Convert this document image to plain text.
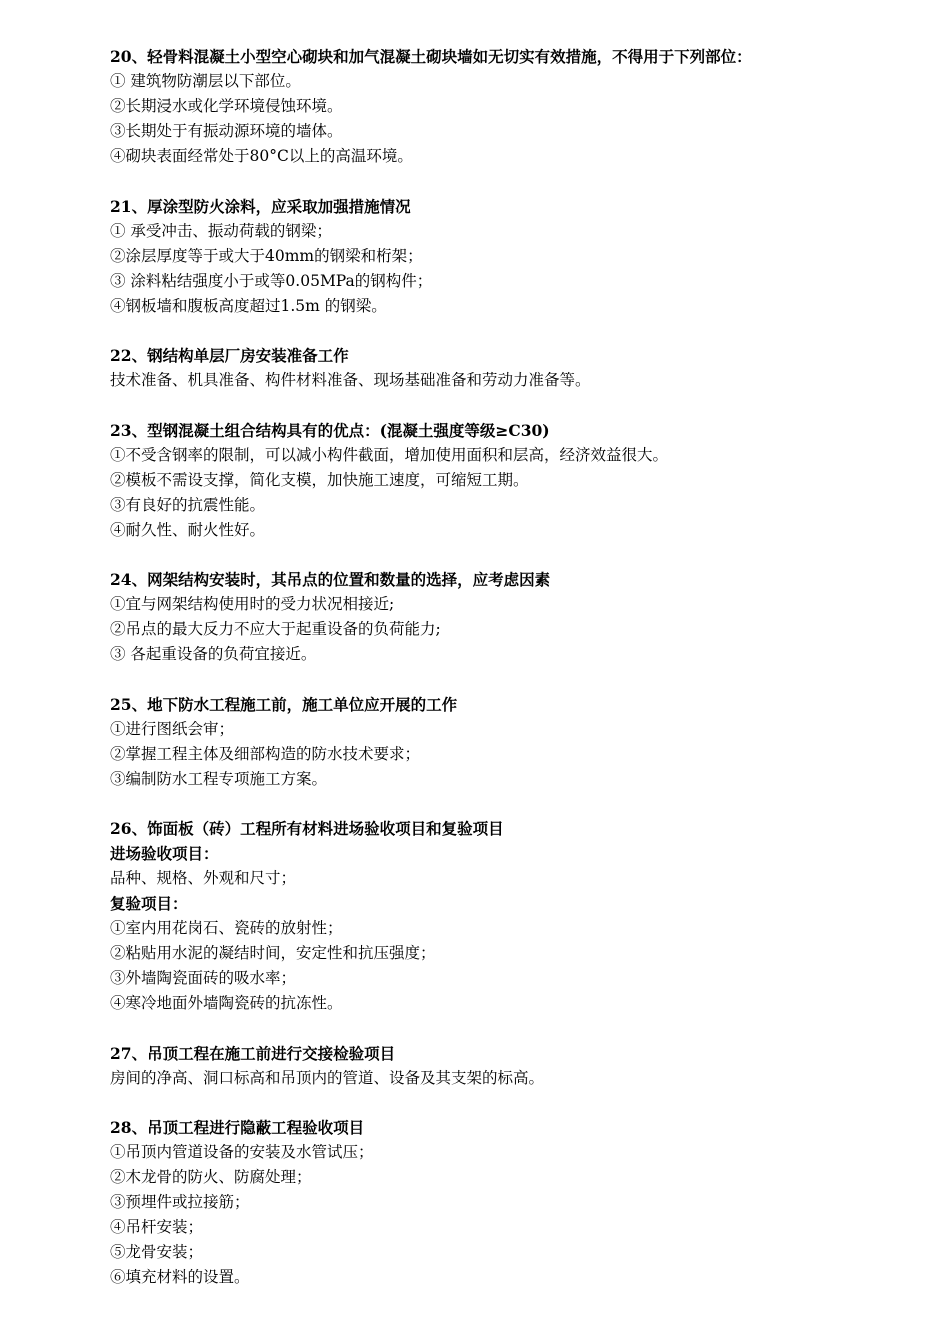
20、轻骨料混凝土小型空心砌块和加气混凝土砌块墙如无切实有效措施，不得用于下列部位：
① 建筑物防潮层以下部位。
②长期浸水或化学环境侵蚀环境。
③长期处于有振动源环境的墙体。
④砌块表面经常处于80°C以上的高温环境。
21、厚涂型防火涂料，应采取加强措施情况
① 承受冲击、振动荷载的钢梁；
②涂层厚度等于或大于40mm的钢梁和桁架；
③ 涂料粘结强度小于或等0.05MPa的钢构件；
④钢板墙和腹板高度超过1.5m 的钢梁。
22、钢结构单层厂房安装准备工作
技术准备、机具准备、构件材料准备、现场基础准备和劳动力准备等。
23、型钢混凝土组合结构具有的优点：(混凝土强度等级≥C30)
①不受含钢率的限制，可以减小构件截面，增加使用面积和层高，经济效益很大。
②模板不需设支撑，简化支模，加快施工速度，可缩短工期。
③有良好的抗震性能。
④耐久性、耐火性好。
24、网架结构安装时，其吊点的位置和数量的选择，应考虑因素
①宜与网架结构使用时的受力状况相接近;
②吊点的最大反力不应大于起重设备的负荷能力;
③ 各起重设备的负荷宜接近。
25、地下防水工程施工前，施工单位应开展的工作
①进行图纸会审；
②掌握工程主体及细部构造的防水技术要求；
③编制防水工程专项施工方案。
26、饰面板（砖）工程所有材料进场验收项目和复验项目
进场验收项目：
品种、规格、外观和尺寸；
复验项目：
①室内用花岗石、瓷砖的放射性；
②粘贴用水泥的凝结时间，安定性和抗压强度；
③外墙陶瓷面砖的吸水率；
④寒冷地面外墙陶瓷砖的抗冻性。
27、吊顶工程在施工前进行交接检验项目
房间的净高、洞口标高和吊顶内的管道、设备及其支架的标高。
28、吊顶工程进行隐蔽工程验收项目
①吊顶内管道设备的安装及水管试压；
②木龙骨的防火、防腐处理；
③预埋件或拉接筋；
④吊杆安装；
⑤龙骨安装；
⑥填充材料的设置。
